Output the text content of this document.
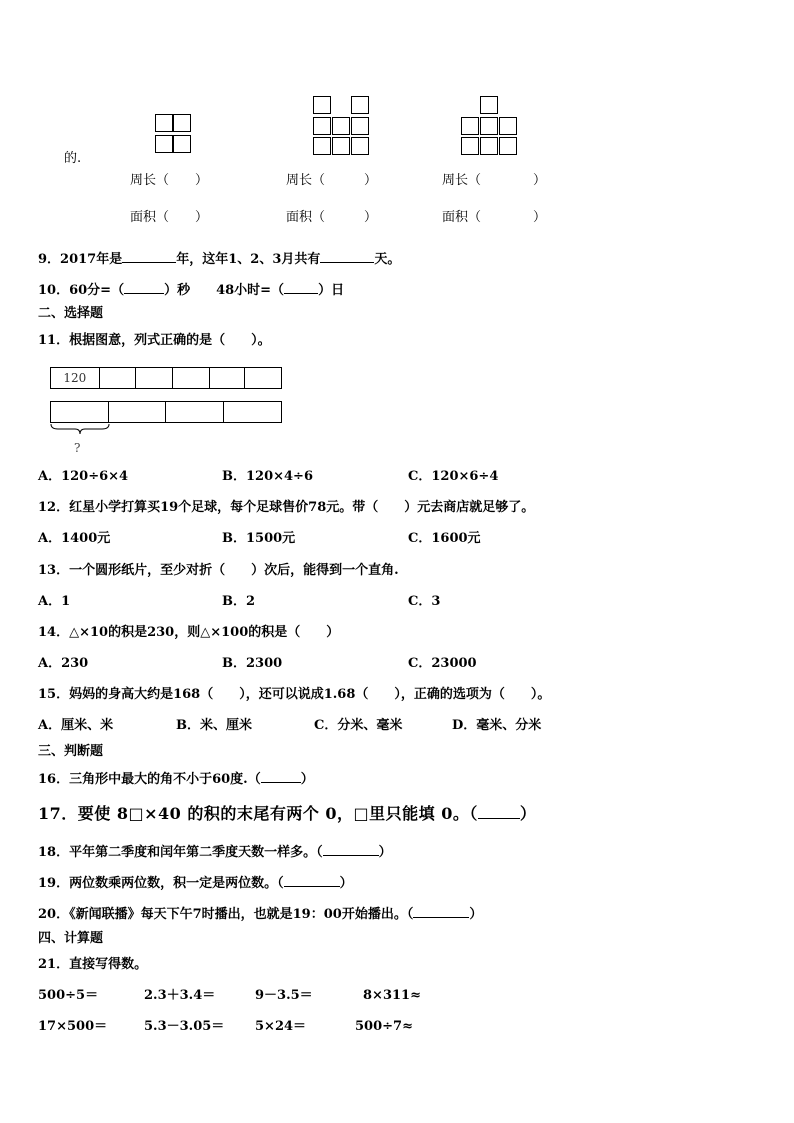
的.
周长（　　）	周长（　　　）	周长（　　　　）
面积（　　）	面积（　　　）	面积（　　　　）
9．2017年是	年，这年1、2、3月共有	天。
10．60分=（	）秒　　48小时=（	）日
二、选择题
11．根据图意，列式正确的是（　　）。
120
?
A．120÷6×4	B．120×4÷6	C．120×6÷4
12．红星小学打算买19个足球，每个足球售价78元。带（　　）元去商店就足够了。
A．1400元	B．1500元	C．1600元
13．一个圆形纸片，至少对折（　　）次后，能得到一个直角.
A．1	B．2	C．3
14．△×10的积是230，则△×100的积是（　　）
A．230	B．2300	C．23000
15．妈妈的身高大约是168（　　），还可以说成1.68（　　），正确的选项为（　　）。
A．厘米、米	B．米、厘米	C．分米、毫米	D．毫米、分米
三、判断题
16．三角形中最大的角不小于60度.（	）
17．要使 8□×40 的积的末尾有两个 0，□里只能填 0。（	）
18．平年第二季度和闰年第二季度天数一样多。（	）
19．两位数乘两位数，积一定是两位数。（	）
20．《新闻联播》每天下午7时播出，也就是19：00开始播出。（	）
四、计算题
21．直接写得数。
500÷5＝	2.3＋3.4＝	9－3.5＝	8×311≈
17×500＝	5.3－3.05＝ 5×24＝	500÷7≈
